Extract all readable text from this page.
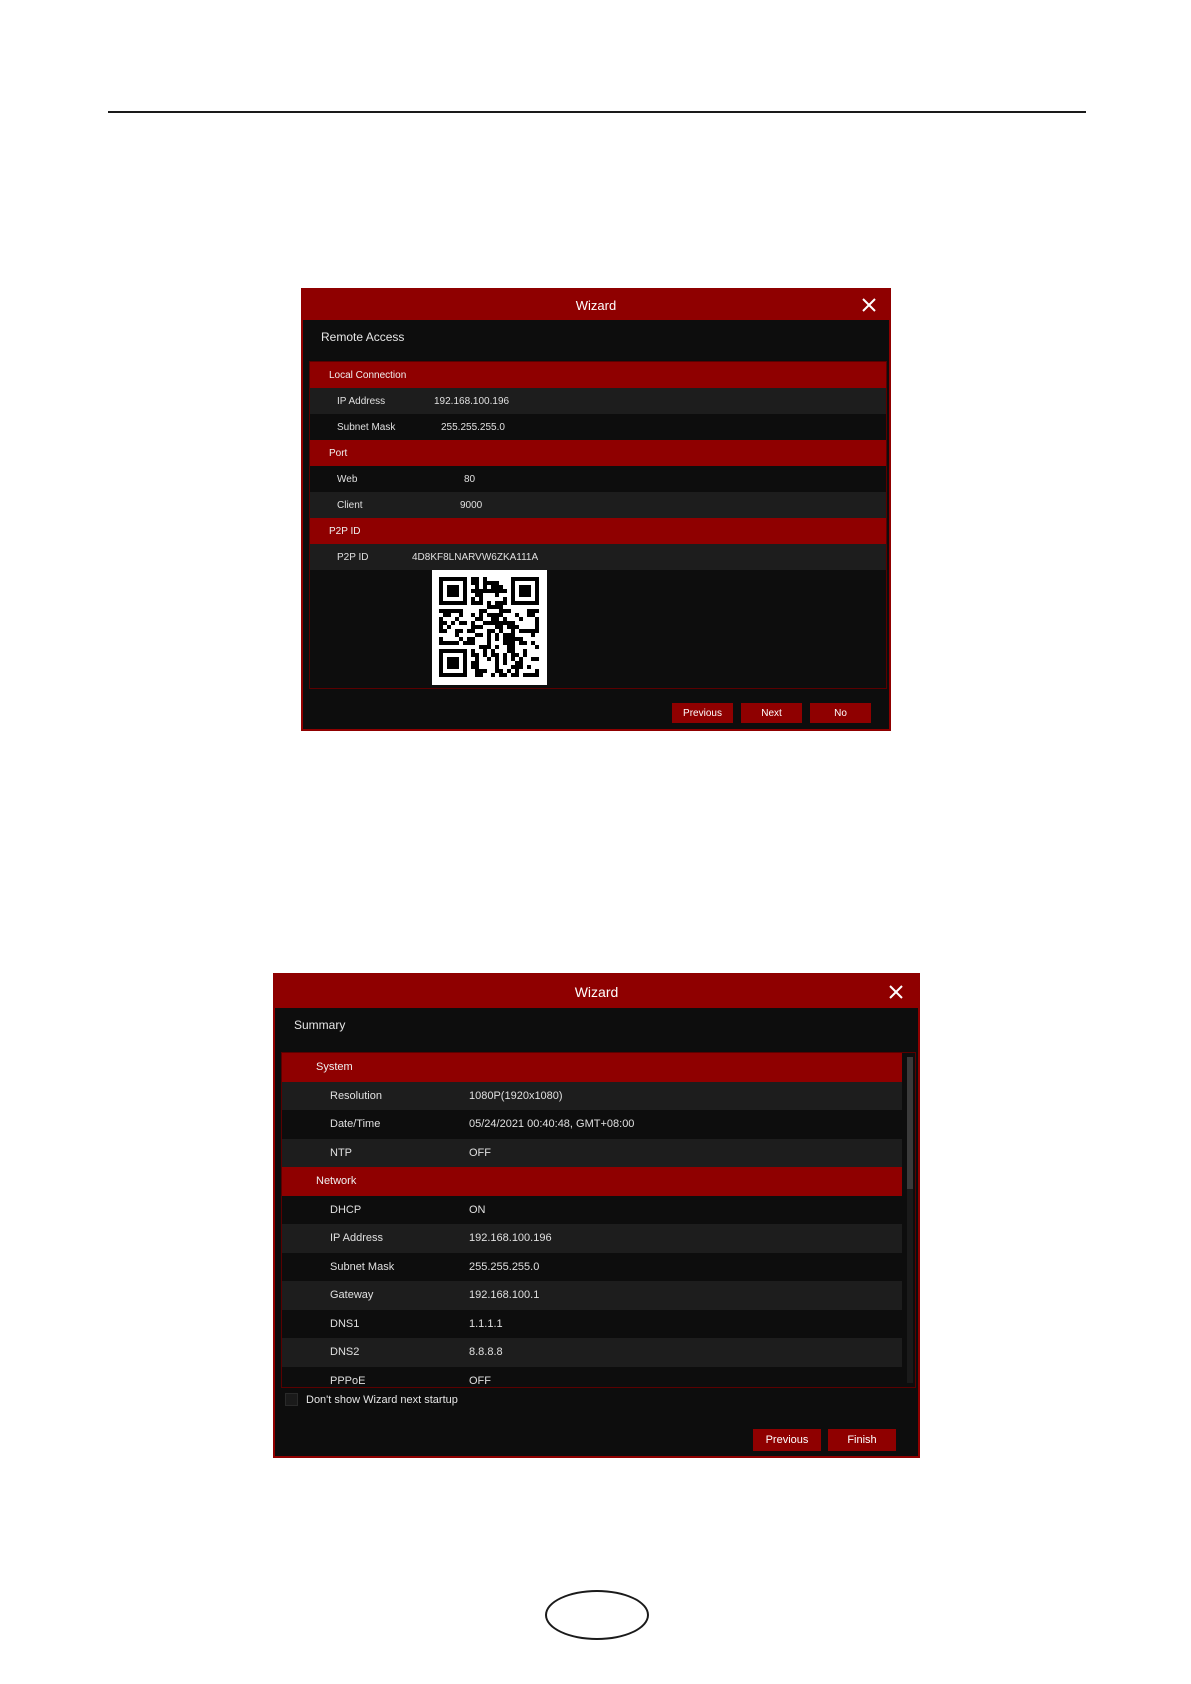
Wizard
Remote Access
Local Connection
IP Address	192.168.100.196
Subnet Mask	255.255.255.0
Port
Web	80
Client	9000
P2P ID
P2P ID	4D8KF8LNARVW6ZKA111A
Previous	Next	No
Wizard
Summary
System
Resolution	1080P(1920x1080)
Date/Time	05/24/2021 00:40:48, GMT+08:00
NTP	OFF
Network
DHCP	ON
IP Address	192.168.100.196
Subnet Mask	255.255.255.0
Gateway	192.168.100.1
DNS1	1.1.1.1
DNS2	8.8.8.8
PPPoE	OFF
Don't show Wizard next startup
Previous	Finish
